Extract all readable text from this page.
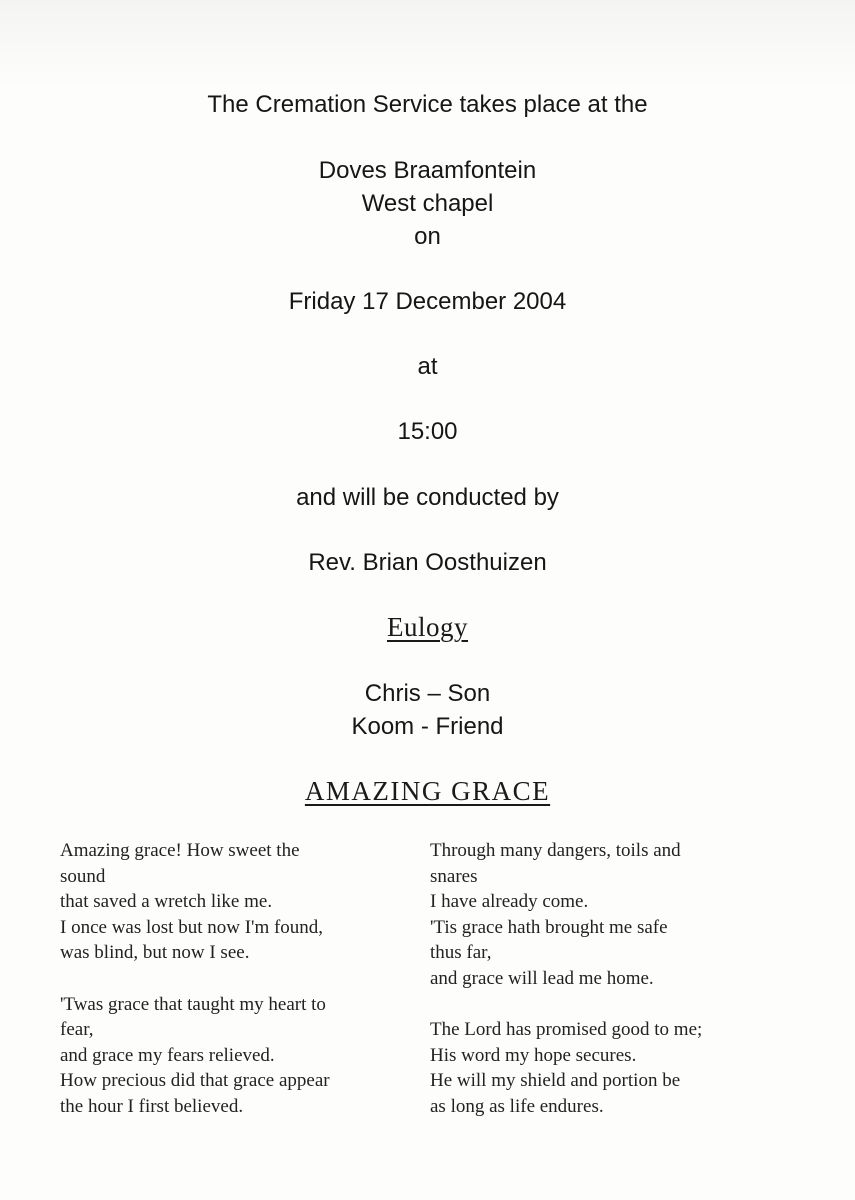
The Cremation Service takes place at the

Doves Braamfontein

West chapel

on

Friday 17 December 2004

at

15:00

and will be conducted by

Rev. Brian Oosthuizen

Eulogy

Chris – Son

Koom - Friend

AMAZING GRACE

Amazing grace! How sweet the
sound
that saved a wretch like me.
I once was lost but now I'm found,
was blind, but now I see.

'Twas grace that taught my heart to
fear,
and grace my fears relieved.
How precious did that grace appear
the hour I first believed.

Through many dangers, toils and
snares
I have already come.
'Tis grace hath brought me safe
thus far,
and grace will lead me home.

The Lord has promised good to me;
His word my hope secures.
He will my shield and portion be
as long as life endures.
